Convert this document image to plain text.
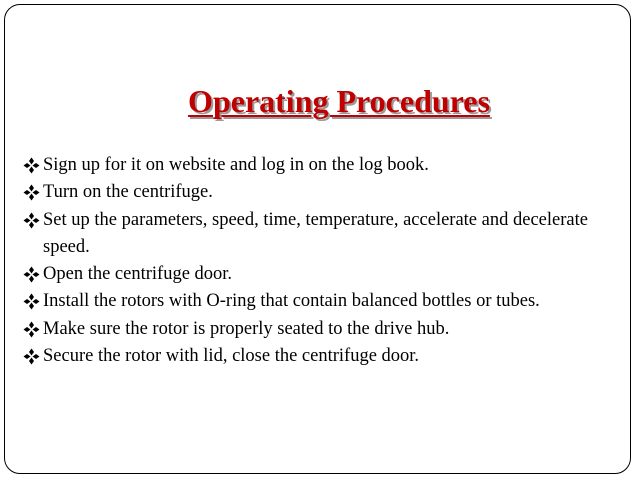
Operating Procedures
Sign up for it on website and log in on the log book.
Turn on the centrifuge.
Set up the parameters, speed, time, temperature, accelerate and decelerate speed.
Open the centrifuge door.
Install the rotors with O-ring that contain balanced bottles or tubes.
Make sure the rotor is properly seated to the drive hub.
Secure the rotor with lid, close the centrifuge door.
